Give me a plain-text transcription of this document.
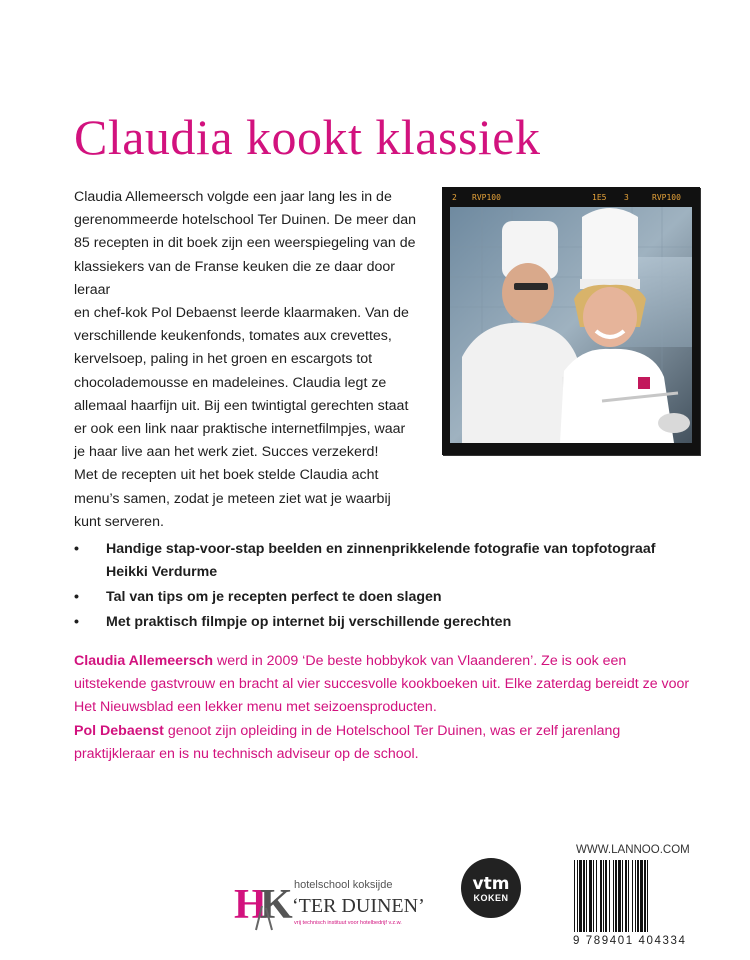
Claudia kookt klassiek

Claudia Allemeersch volgde een jaar lang les in de

gerenommeerde hotelschool Ter Duinen. De meer dan

85 recepten in dit boek zijn een weerspiegeling van de

klassiekers van de Franse keuken die ze daar door leraar

en chef-kok Pol Debaenst leerde klaarmaken. Van de

verschillende keukenfonds, tomates aux crevettes,

kervelsoep, paling in het groen en escargots tot

chocolademousse en madeleines. Claudia legt ze

allemaal haarfijn uit. Bij een twintigtal gerechten staat

er ook een link naar praktische internetfilmpjes, waar

je haar live aan het werk ziet. Succes verzekerd!

Met de recepten uit het boek stelde Claudia acht

menu’s samen, zodat je meteen ziet wat je waarbij

kunt serveren.

2 RVP100	1E5 3	RVP100
• Handige stap-voor-stap beelden en zinnenprikkelende fotografie van topfotograaf Heikki Verdurme
• Tal van tips om je recepten perfect te doen slagen
• Met praktisch filmpje op internet bij verschillende gerechten

Claudia Allemeersch werd in 2009 ‘De beste hobbykok van Vlaanderen’. Ze is ook een uitstekende gastvrouw en bracht al vier succesvolle kookboeken uit. Elke zaterdag bereidt ze voor Het Nieuwsblad een lekker menu met seizoensproducten.

Pol Debaenst genoot zijn opleiding in de Hotelschool Ter Duinen, was er zelf jarenlang praktijkleraar en is nu technisch adviseur op de school.

H
K hotelschool koksijde
‘TER DUINEN’
vrij technisch instituut voor hotelbedrijf v.z.w.
vtm
KOKEN
WWW.LANNOO.COM
9 789401 404334
